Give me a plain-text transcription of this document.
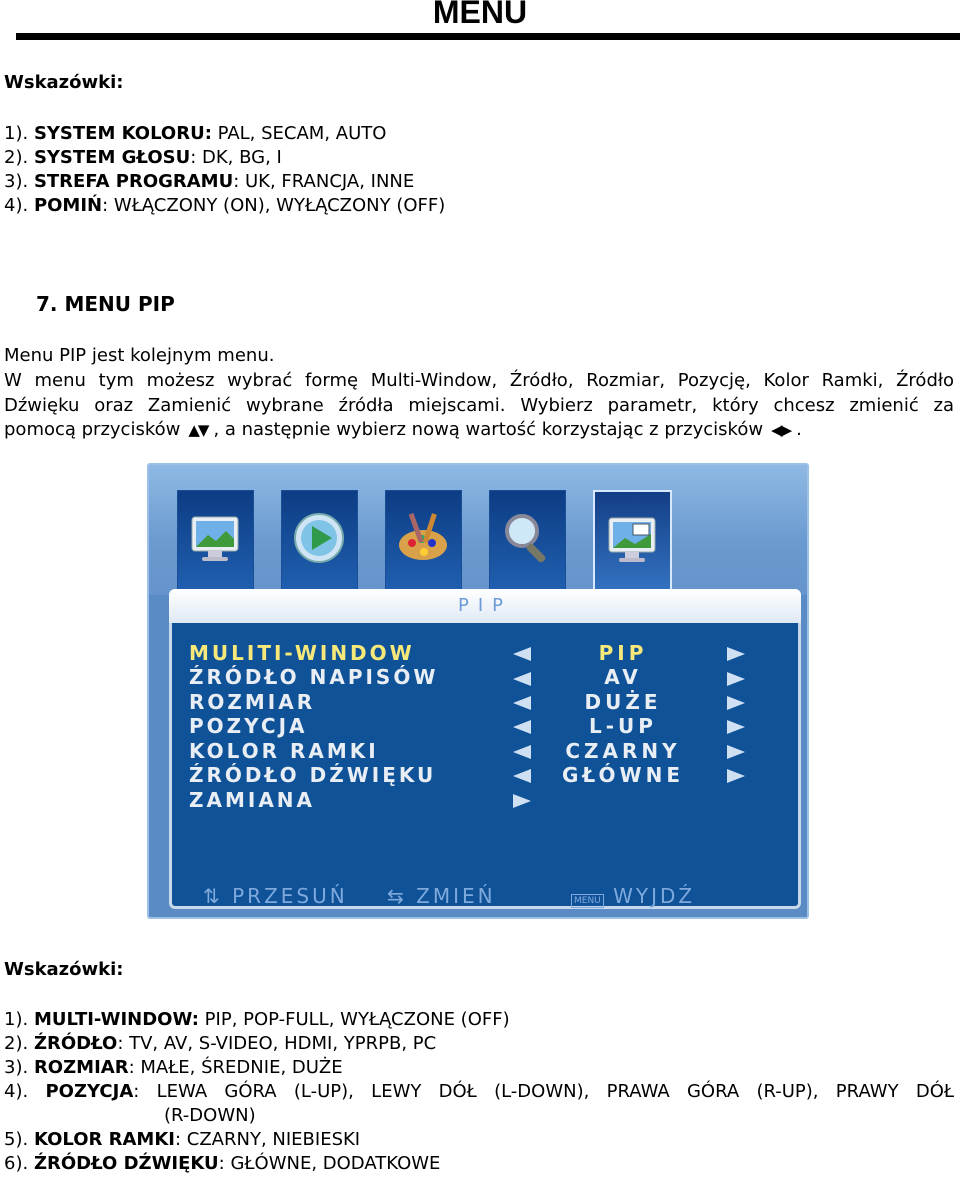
MENU
Wskazówki:
1). SYSTEM KOLORU: PAL, SECAM, AUTO
2). SYSTEM GŁOSU: DK, BG, I
3). STREFA PROGRAMU: UK, FRANCJA, INNE
4). POMIŃ: WŁĄCZONY (ON), WYŁĄCZONY (OFF)
7. MENU PIP
Menu PIP jest kolejnym menu.
W menu tym możesz wybrać formę Multi-Window, Źródło, Rozmiar, Pozycję, Kolor Ramki, Źródło
Dźwięku oraz Zamienić wybrane źródła miejscami. Wybierz parametr, który chcesz zmienić za
pomocą przycisków ▲▼ , a następnie wybierz nową wartość korzystając z przycisków ◀▶ .
PIP
MULITI-WINDOW	PIP
ŹRÓDŁO NAPISÓW	AV
ROZMIAR	DUŻE
POZYCJA	L-UP
KOLOR RAMKI	CZARNY
ŹRÓDŁO DŹWIĘKU	GŁÓWNE
ZAMIANA
⇅ PRZESUŃ ⇆ ZMIEŃ	MENU WYJDŹ
Wskazówki:
1). MULTI-WINDOW: PIP, POP-FULL, WYŁĄCZONE (OFF)
2). ŹRÓDŁO: TV, AV, S-VIDEO, HDMI, YPRPB, PC
3). ROZMIAR: MAŁE, ŚREDNIE, DUŻE
4). POZYCJA: LEWA GÓRA (L-UP), LEWY DÓŁ (L-DOWN), PRAWA GÓRA (R-UP), PRAWY DÓŁ
(R-DOWN)
5). KOLOR RAMKI: CZARNY, NIEBIESKI
6). ŹRÓDŁO DŹWIĘKU: GŁÓWNE, DODATKOWE
